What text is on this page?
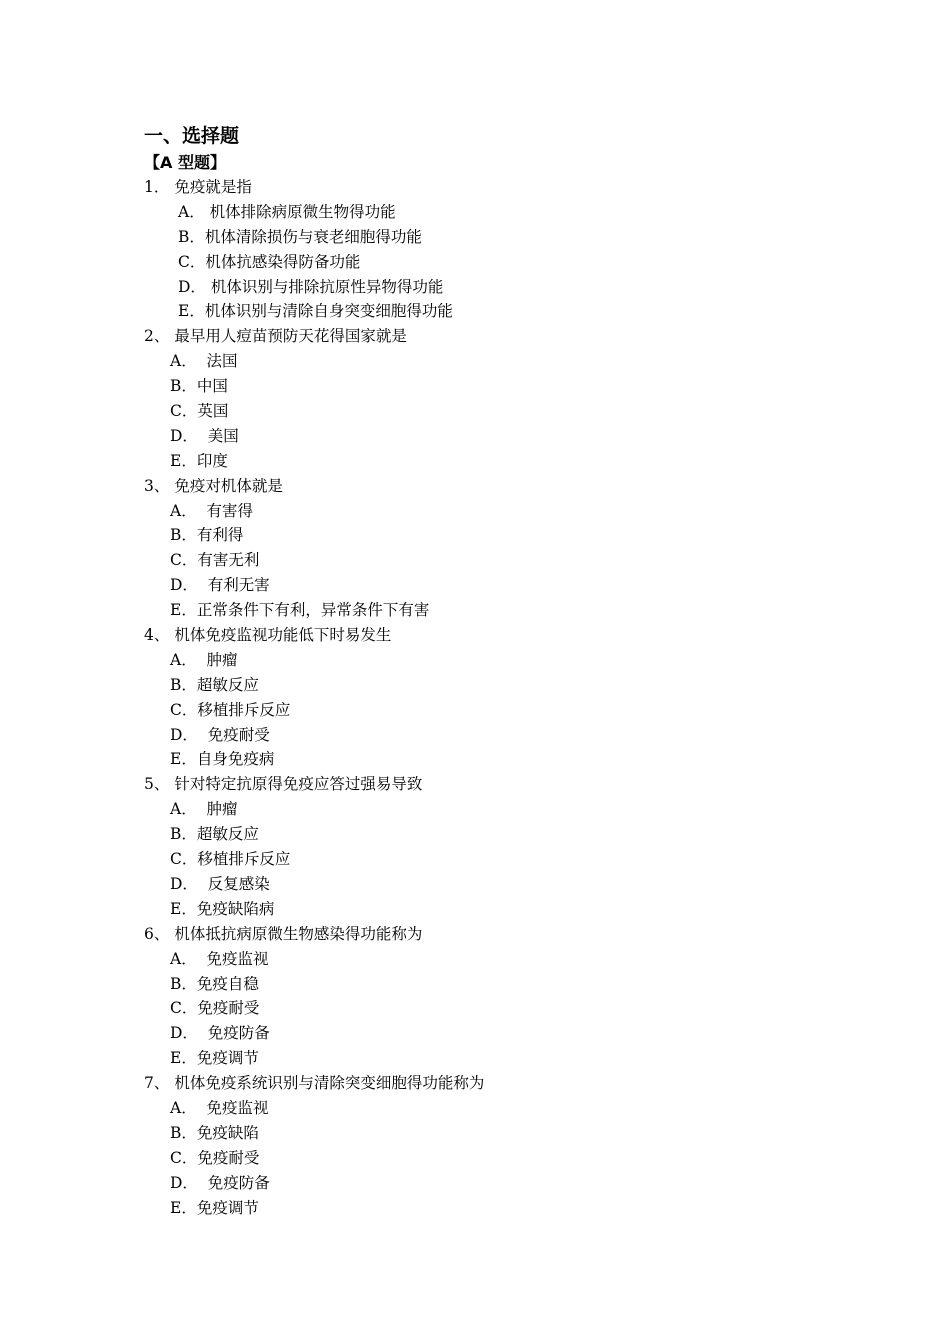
一、选择题
【A 型题】
1． 免疫就是指
A． 机体排除病原微生物得功能
B．机体清除损伤与衰老细胞得功能
C．机体抗感染得防备功能
D． 机体识别与排除抗原性异物得功能
E．机体识别与清除自身突变细胞得功能
2、 最早用人痘苗预防天花得国家就是
A．  法国
B．中国
C．英国
D．  美国
E．印度
3、 免疫对机体就是
A．  有害得
B．有利得
C．有害无利
D．  有利无害
E．正常条件下有利，异常条件下有害
4、 机体免疫监视功能低下时易发生
A．  肿瘤
B．超敏反应
C．移植排斥反应
D．  免疫耐受
E．自身免疫病
5、 针对特定抗原得免疫应答过强易导致
A．  肿瘤
B．超敏反应
C．移植排斥反应
D．  反复感染
E．免疫缺陷病
6、 机体抵抗病原微生物感染得功能称为
A．  免疫监视
B．免疫自稳
C．免疫耐受
D．  免疫防备
E．免疫调节
7、 机体免疫系统识别与清除突变细胞得功能称为
A．  免疫监视
B．免疫缺陷
C．免疫耐受
D．  免疫防备
E．免疫调节
